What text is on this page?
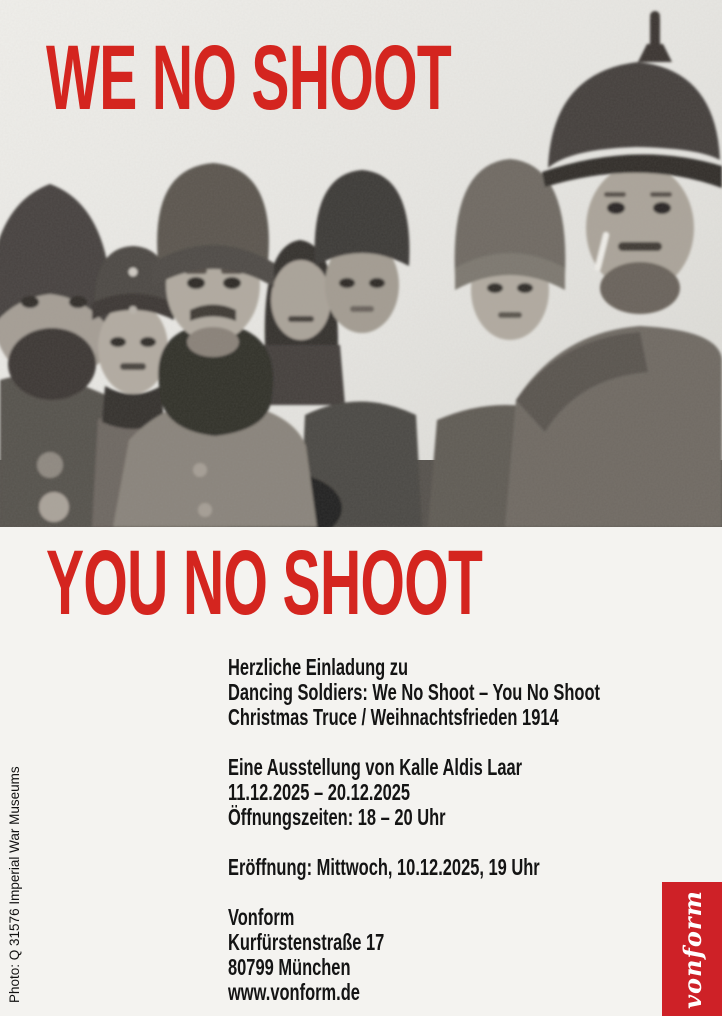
WE NO SHOOT
YOU NO SHOOT

Herzliche Einladung zu
Dancing Soldiers: We No Shoot – You No Shoot
Christmas Truce / Weihnachtsfrieden 1914

Eine Ausstellung von Kalle Aldis Laar
11.12.2025 – 20.12.2025
Öffnungszeiten: 18 – 20 Uhr

Eröffnung: Mittwoch, 10.12.2025, 19 Uhr

Vonform
Kurfürstenstraße 17
80799 München
www.vonform.de

Photo: Q 31576 Imperial War Museums	vonform
